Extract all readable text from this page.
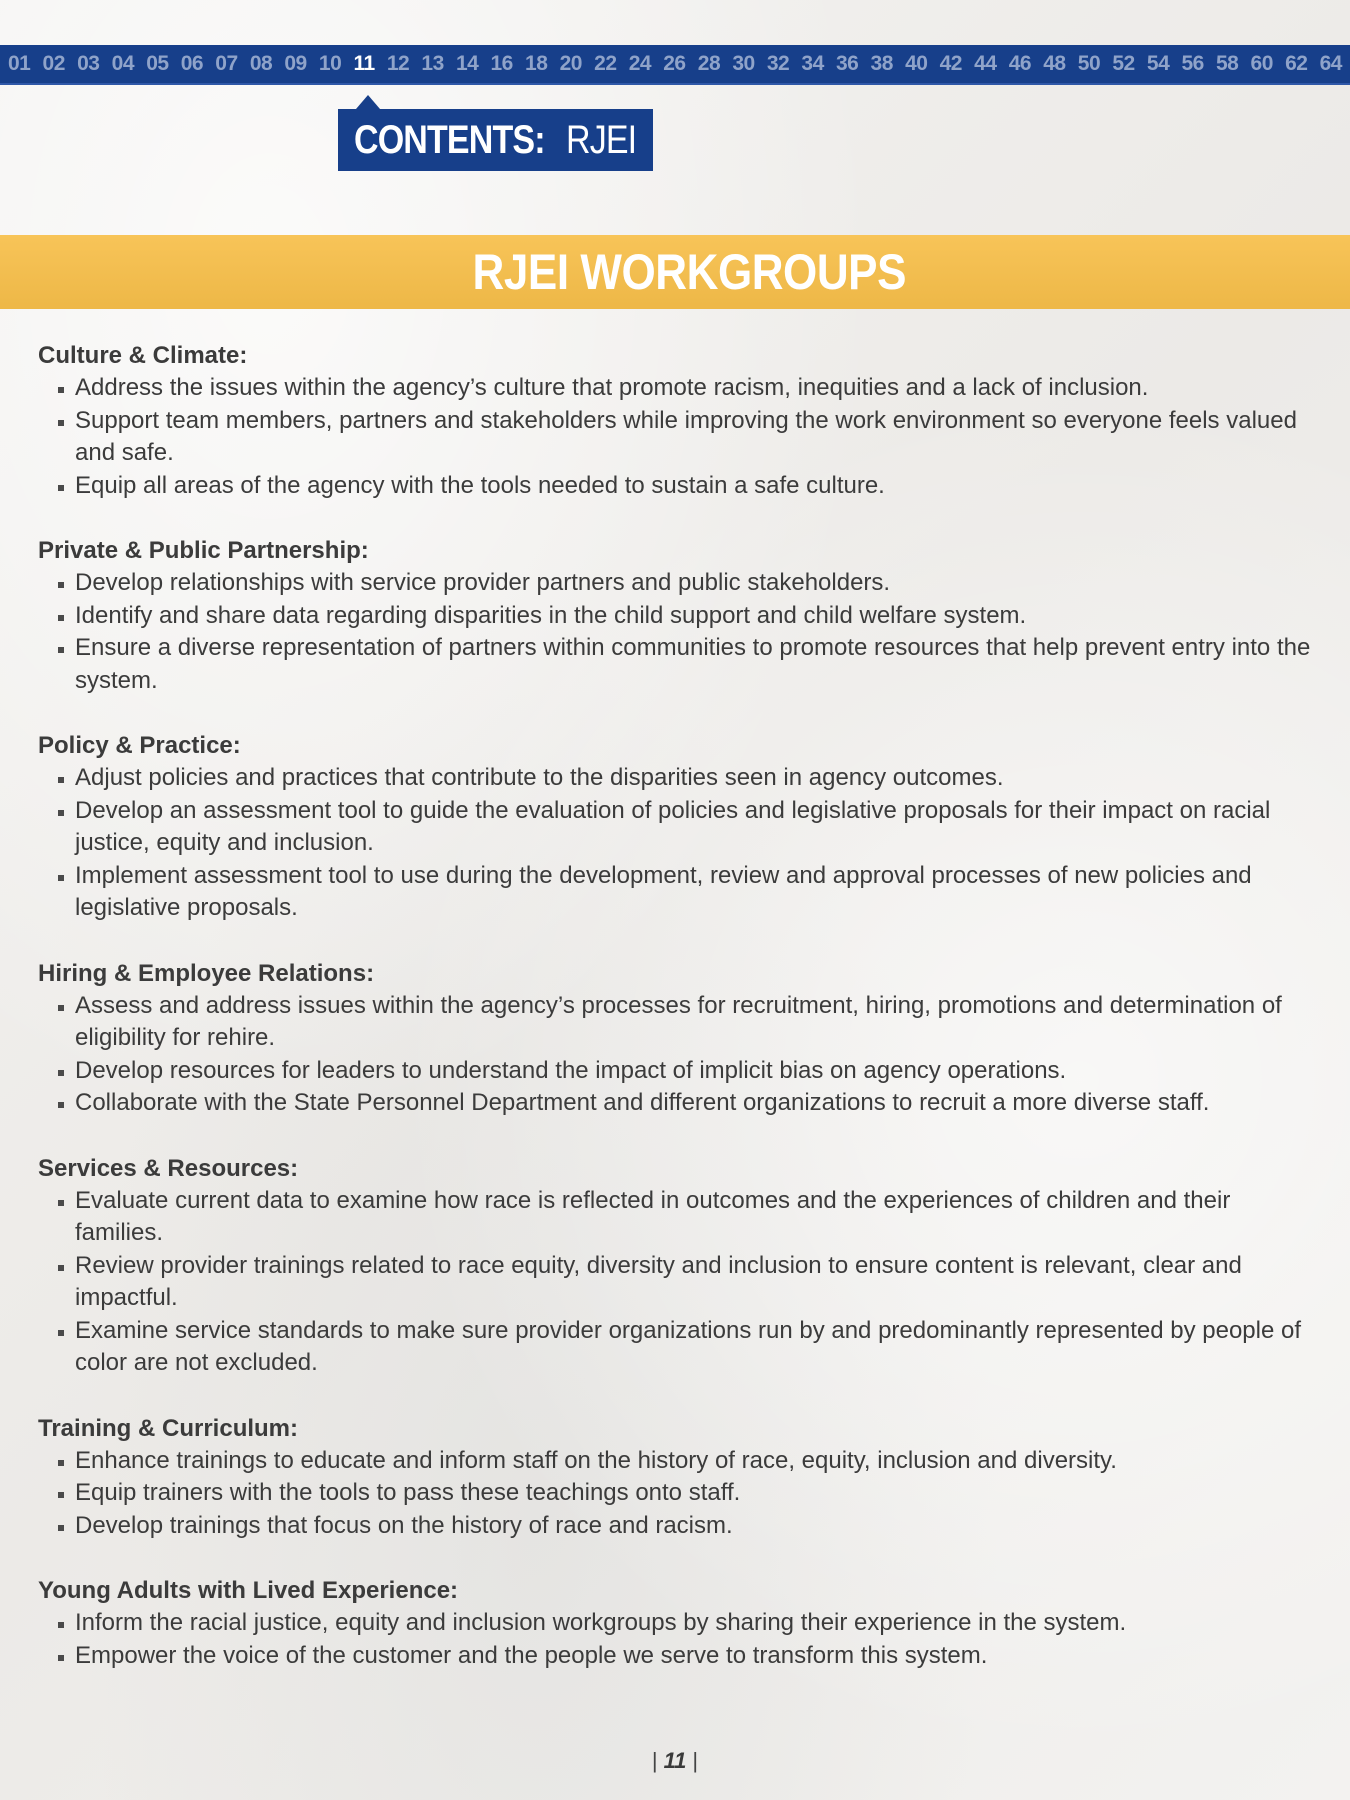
01 02 03 04 05 06 07 08 09 10 11 12 13 14 16 18 20 22 24 26 28 30 32 34 36 38 40 42 44 46 48 50 52 54 56 58 60 62 64
CONTENTS: RJEI
RJEI WORKGROUPS
Culture & Climate:
Address the issues within the agency’s culture that promote racism, inequities and a lack of inclusion.
Support team members, partners and stakeholders while improving the work environment so everyone feels valued and safe.
Equip all areas of the agency with the tools needed to sustain a safe culture.
Private & Public Partnership:
Develop relationships with service provider partners and public stakeholders.
Identify and share data regarding disparities in the child support and child welfare system.
Ensure a diverse representation of partners within communities to promote resources that help prevent entry into the system.
Policy & Practice:
Adjust policies and practices that contribute to the disparities seen in agency outcomes.
Develop an assessment tool to guide the evaluation of policies and legislative proposals for their impact on racial justice, equity and inclusion.
Implement assessment tool to use during the development, review and approval processes of new policies and legislative proposals.
Hiring & Employee Relations:
Assess and address issues within the agency’s processes for recruitment, hiring, promotions and determination of eligibility for rehire.
Develop resources for leaders to understand the impact of implicit bias on agency operations.
Collaborate with the State Personnel Department and different organizations to recruit a more diverse staff.
Services & Resources:
Evaluate current data to examine how race is reflected in outcomes and the experiences of children and their families.
Review provider trainings related to race equity, diversity and inclusion to ensure content is relevant, clear and impactful.
Examine service standards to make sure provider organizations run by and predominantly represented by people of color are not excluded.
Training & Curriculum:
Enhance trainings to educate and inform staff on the history of race, equity, inclusion and diversity.
Equip trainers with the tools to pass these teachings onto staff.
Develop trainings that focus on the history of race and racism.
Young Adults with Lived Experience:
Inform the racial justice, equity and inclusion workgroups by sharing their experience in the system.
Empower the voice of the customer and the people we serve to transform this system.
| 11 |
